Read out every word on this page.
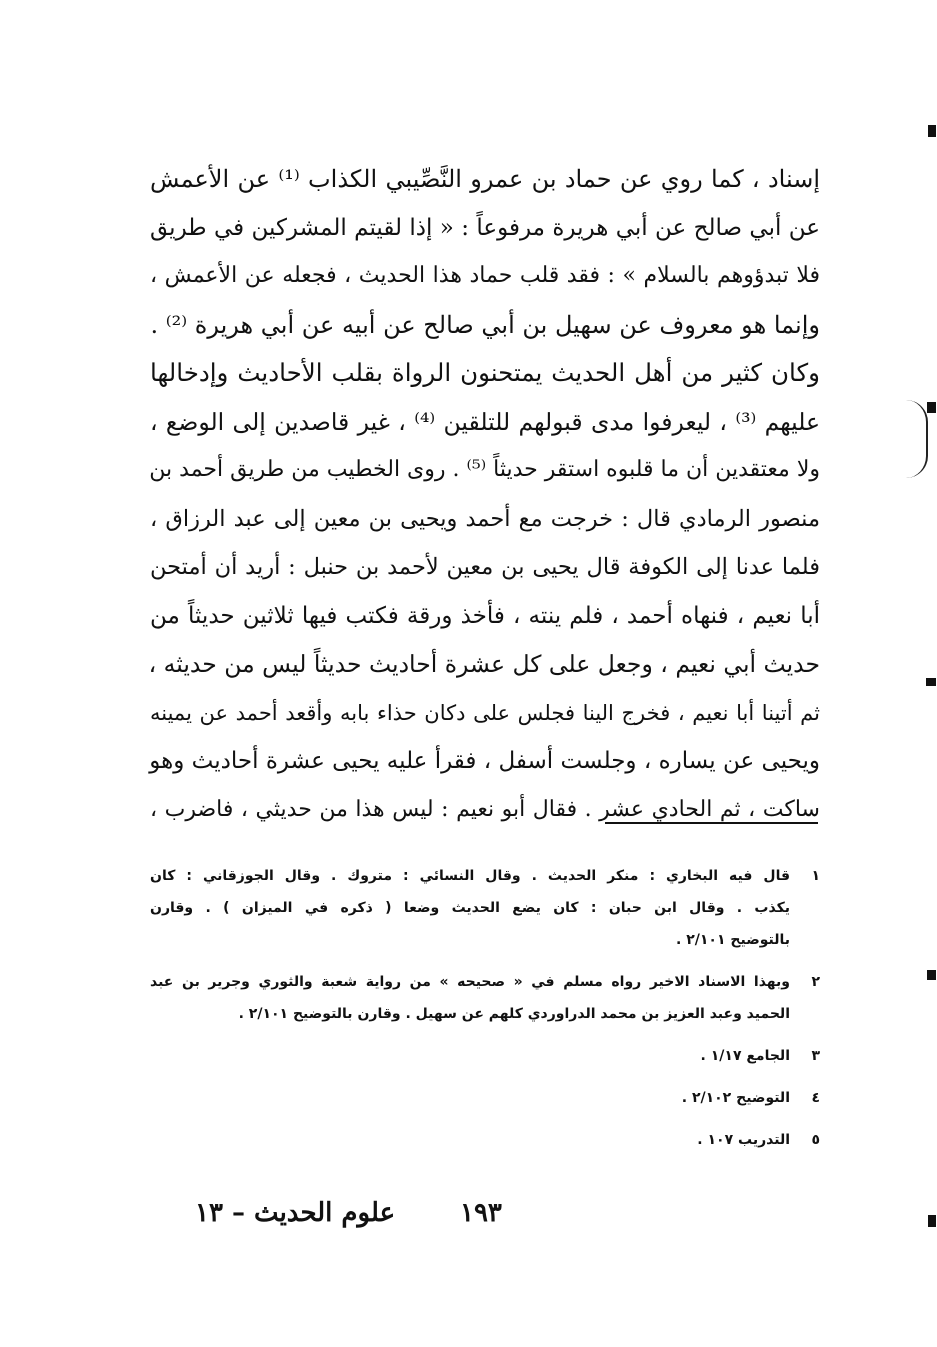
إسناد ، كما روي عن حماد بن عمرو النَّصِّيبي الكذاب ⁽¹⁾ عن الأعمش
عن أبي صالح عن أبي هريرة مرفوعاً : « إذا لقيتم المشركين في طريق
فلا تبدؤوهم بالسلام » : فقد قلب حماد هذا الحديث ، فجعله عن الأعمش ،
وإنما هو معروف عن سهيل بن أبي صالح عن أبيه عن أبي هريرة ⁽²⁾ .
وكان كثير من أهل الحديث يمتحنون الرواة بقلب الأحاديث وإدخالها
عليهم ⁽³⁾ ، ليعرفوا مدى قبولهم للتلقين ⁽⁴⁾ ، غير قاصدين إلى الوضع ،
ولا معتقدين أن ما قلبوه استقر حديثاً ⁽⁵⁾ . روى الخطيب من طريق أحمد بن
منصور الرمادي قال : خرجت مع أحمد ويحيى بن معين إلى عبد الرزاق ،
فلما عدنا إلى الكوفة قال يحيى بن معين لأحمد بن حنبل : أريد أن أمتحن
أبا نعيم ، فنهاه أحمد ، فلم ينته ، فأخذ ورقة فكتب فيها ثلاثين حديثاً من
حديث أبي نعيم ، وجعل على كل عشرة أحاديث حديثاً ليس من حديثه ،
ثم أتينا أبا نعيم ، فخرج الينا فجلس على دكان حذاء بابه وأقعد أحمد عن يمينه
ويحيى عن يساره ، وجلست أسفل ، فقرأ عليه يحيى عشرة أحاديث وهو
ساكت ، ثم الحادي عشر . فقال أبو نعيم : ليس هذا من حديثي ، فاضرب ،
١
قال فيه البخاري : منكر الحديث . وقال النسائي : متروك . وقال الجوزقاني : كان
يكذب . وقال ابن حبان : كان يضع الحديث وضعا ( ذكره في الميزان ) . وقارن
بالتوضيح ٢/١٠١ .
٢
وبهذا الاسناد الاخير رواه مسلم في « صحيحه » من رواية شعبة والثوري وجرير بن عبد
الحميد وعبد العزيز بن محمد الدراوردي كلهم عن سهيل . وقارن بالتوضيح ٢/١٠١ .
٣
الجامع ١/١٧ .
٤
التوضيح ٢/١٠٢ .
٥
التدريب ١٠٧ .
١٩٣
علوم الحديث – ١٣
